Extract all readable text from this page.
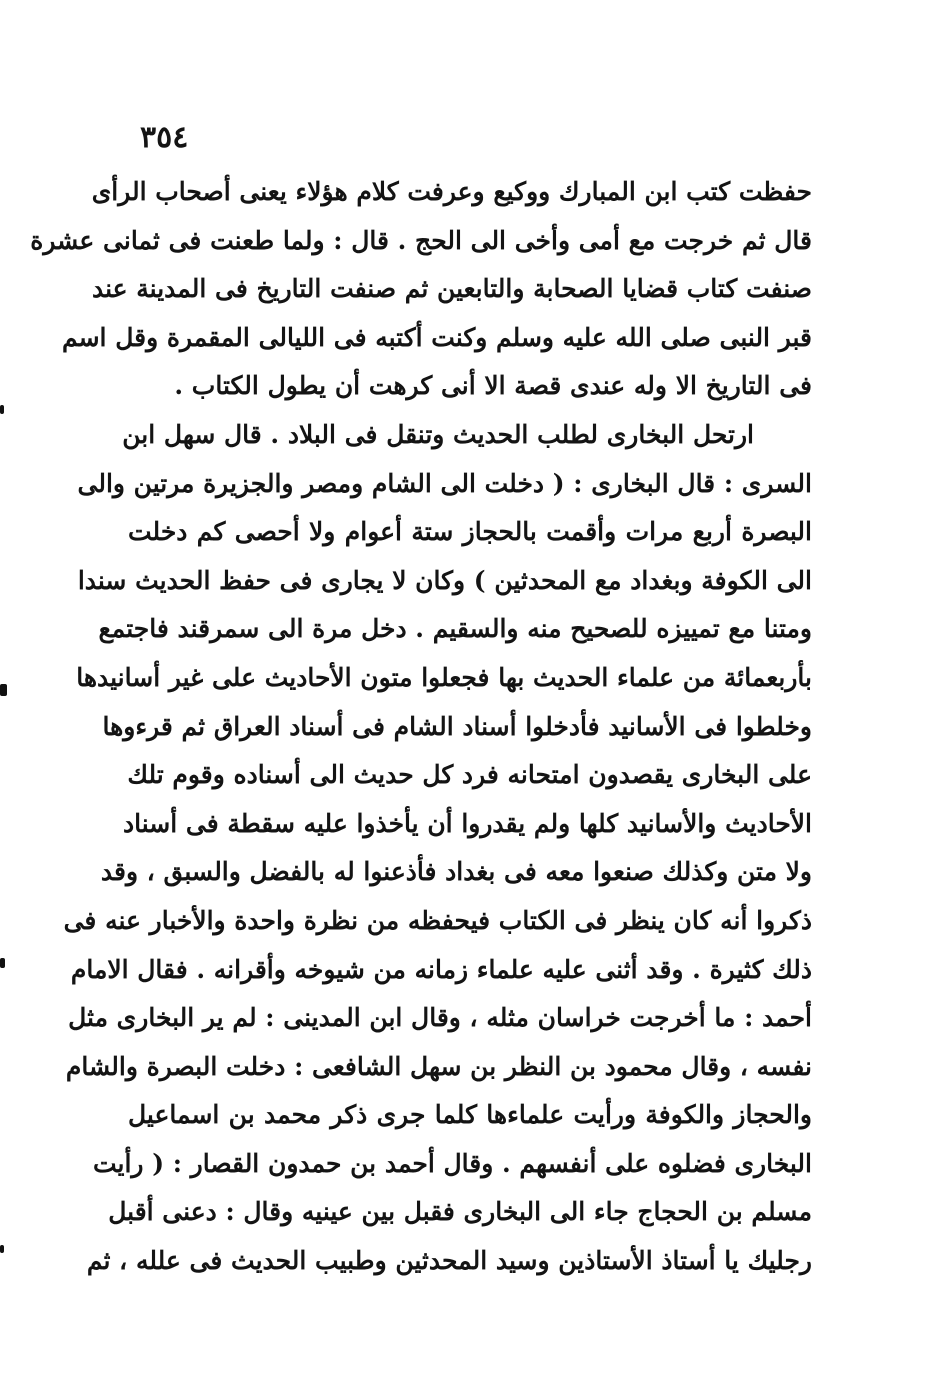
٣٥٤
حفظت كتب ابن المبارك ووكيع وعرفت كلام هؤلاء يعنى أصحاب الرأى
قال ثم خرجت مع أمى وأخى الى الحج . قال : ولما طعنت فى ثمانى عشرة
صنفت كتاب قضايا الصحابة والتابعين ثم صنفت التاريخ فى المدينة عند
قبر النبى صلى الله عليه وسلم وكنت أكتبه فى الليالى المقمرة وقل اسم
فى التاريخ الا وله عندى قصة الا أنى كرهت أن يطول الكتاب .
ارتحل البخارى لطلب الحديث وتنقل فى البلاد . قال سهل ابن
السرى : قال البخارى : ( دخلت الى الشام ومصر والجزيرة مرتين والى
البصرة أربع مرات وأقمت بالحجاز ستة أعوام ولا أحصى كم دخلت
الى الكوفة وبغداد مع المحدثين ) وكان لا يجارى فى حفظ الحديث سندا
ومتنا مع تمييزه للصحيح منه والسقيم . دخل مرة الى سمرقند فاجتمع
بأربعمائة من علماء الحديث بها فجعلوا متون الأحاديث على غير أسانيدها
وخلطوا فى الأسانيد فأدخلوا أسناد الشام فى أسناد العراق ثم قرءوها
على البخارى يقصدون امتحانه فرد كل حديث الى أسناده وقوم تلك
الأحاديث والأسانيد كلها ولم يقدروا أن يأخذوا عليه سقطة فى أسناد
ولا متن وكذلك صنعوا معه فى بغداد فأذعنوا له بالفضل والسبق ، وقد
ذكروا أنه كان ينظر فى الكتاب فيحفظه من نظرة واحدة والأخبار عنه فى
ذلك كثيرة . وقد أثنى عليه علماء زمانه من شيوخه وأقرانه . فقال الامام
أحمد : ما أخرجت خراسان مثله ، وقال ابن المدينى : لم ير البخارى مثل
نفسه ، وقال محمود بن النظر بن سهل الشافعى : دخلت البصرة والشام
والحجاز والكوفة ورأيت علماءها كلما جرى ذكر محمد بن اسماعيل
البخارى فضلوه على أنفسهم . وقال أحمد بن حمدون القصار : ( رأيت
مسلم بن الحجاج جاء الى البخارى فقبل بين عينيه وقال : دعنى أقبل
رجليك يا أستاذ الأستاذين وسيد المحدثين وطبيب الحديث فى علله ، ثم
